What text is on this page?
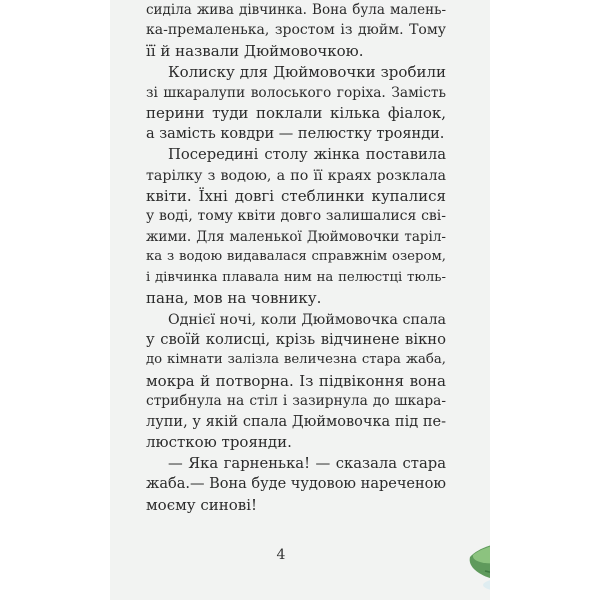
сиділа жива дівчинка. Вона була малень-
ка-премаленька, зростом із дюйм. Тому
її й назвали Дюймовочкою.
Колиску для Дюймовочки зробили
зі шкаралупи волоського горіха. Замість
перини туди поклали кілька фіалок,
а замість ковдри — пелюстку троянди.
Посередині столу жінка поставила
тарілку з водою, а по її краях розклала
квіти. Їхні довгі стеблинки купалися
у воді, тому квіти довго залишалися свi-
жими. Для маленької Дюймовочки тарiл-
ка з водою видавалася справжнім озером,
і дівчинка плавала ним на пелюстці тюль-
пана, мов на човнику.
Однієї ночі, коли Дюймовочка спала
у своїй колисці, крізь відчинене вікно
до кімнати залізла величезна стара жаба,
мокра й потворна. Із підвіконня вона
стрибнула на стіл і зазирнула до шкара-
лупи, у якій спала Дюймовочка під пе-
люсткою троянди.
— Яка гарненька! — сказала стара
жаба.— Вона буде чудовою нареченою
моєму синові!
4
